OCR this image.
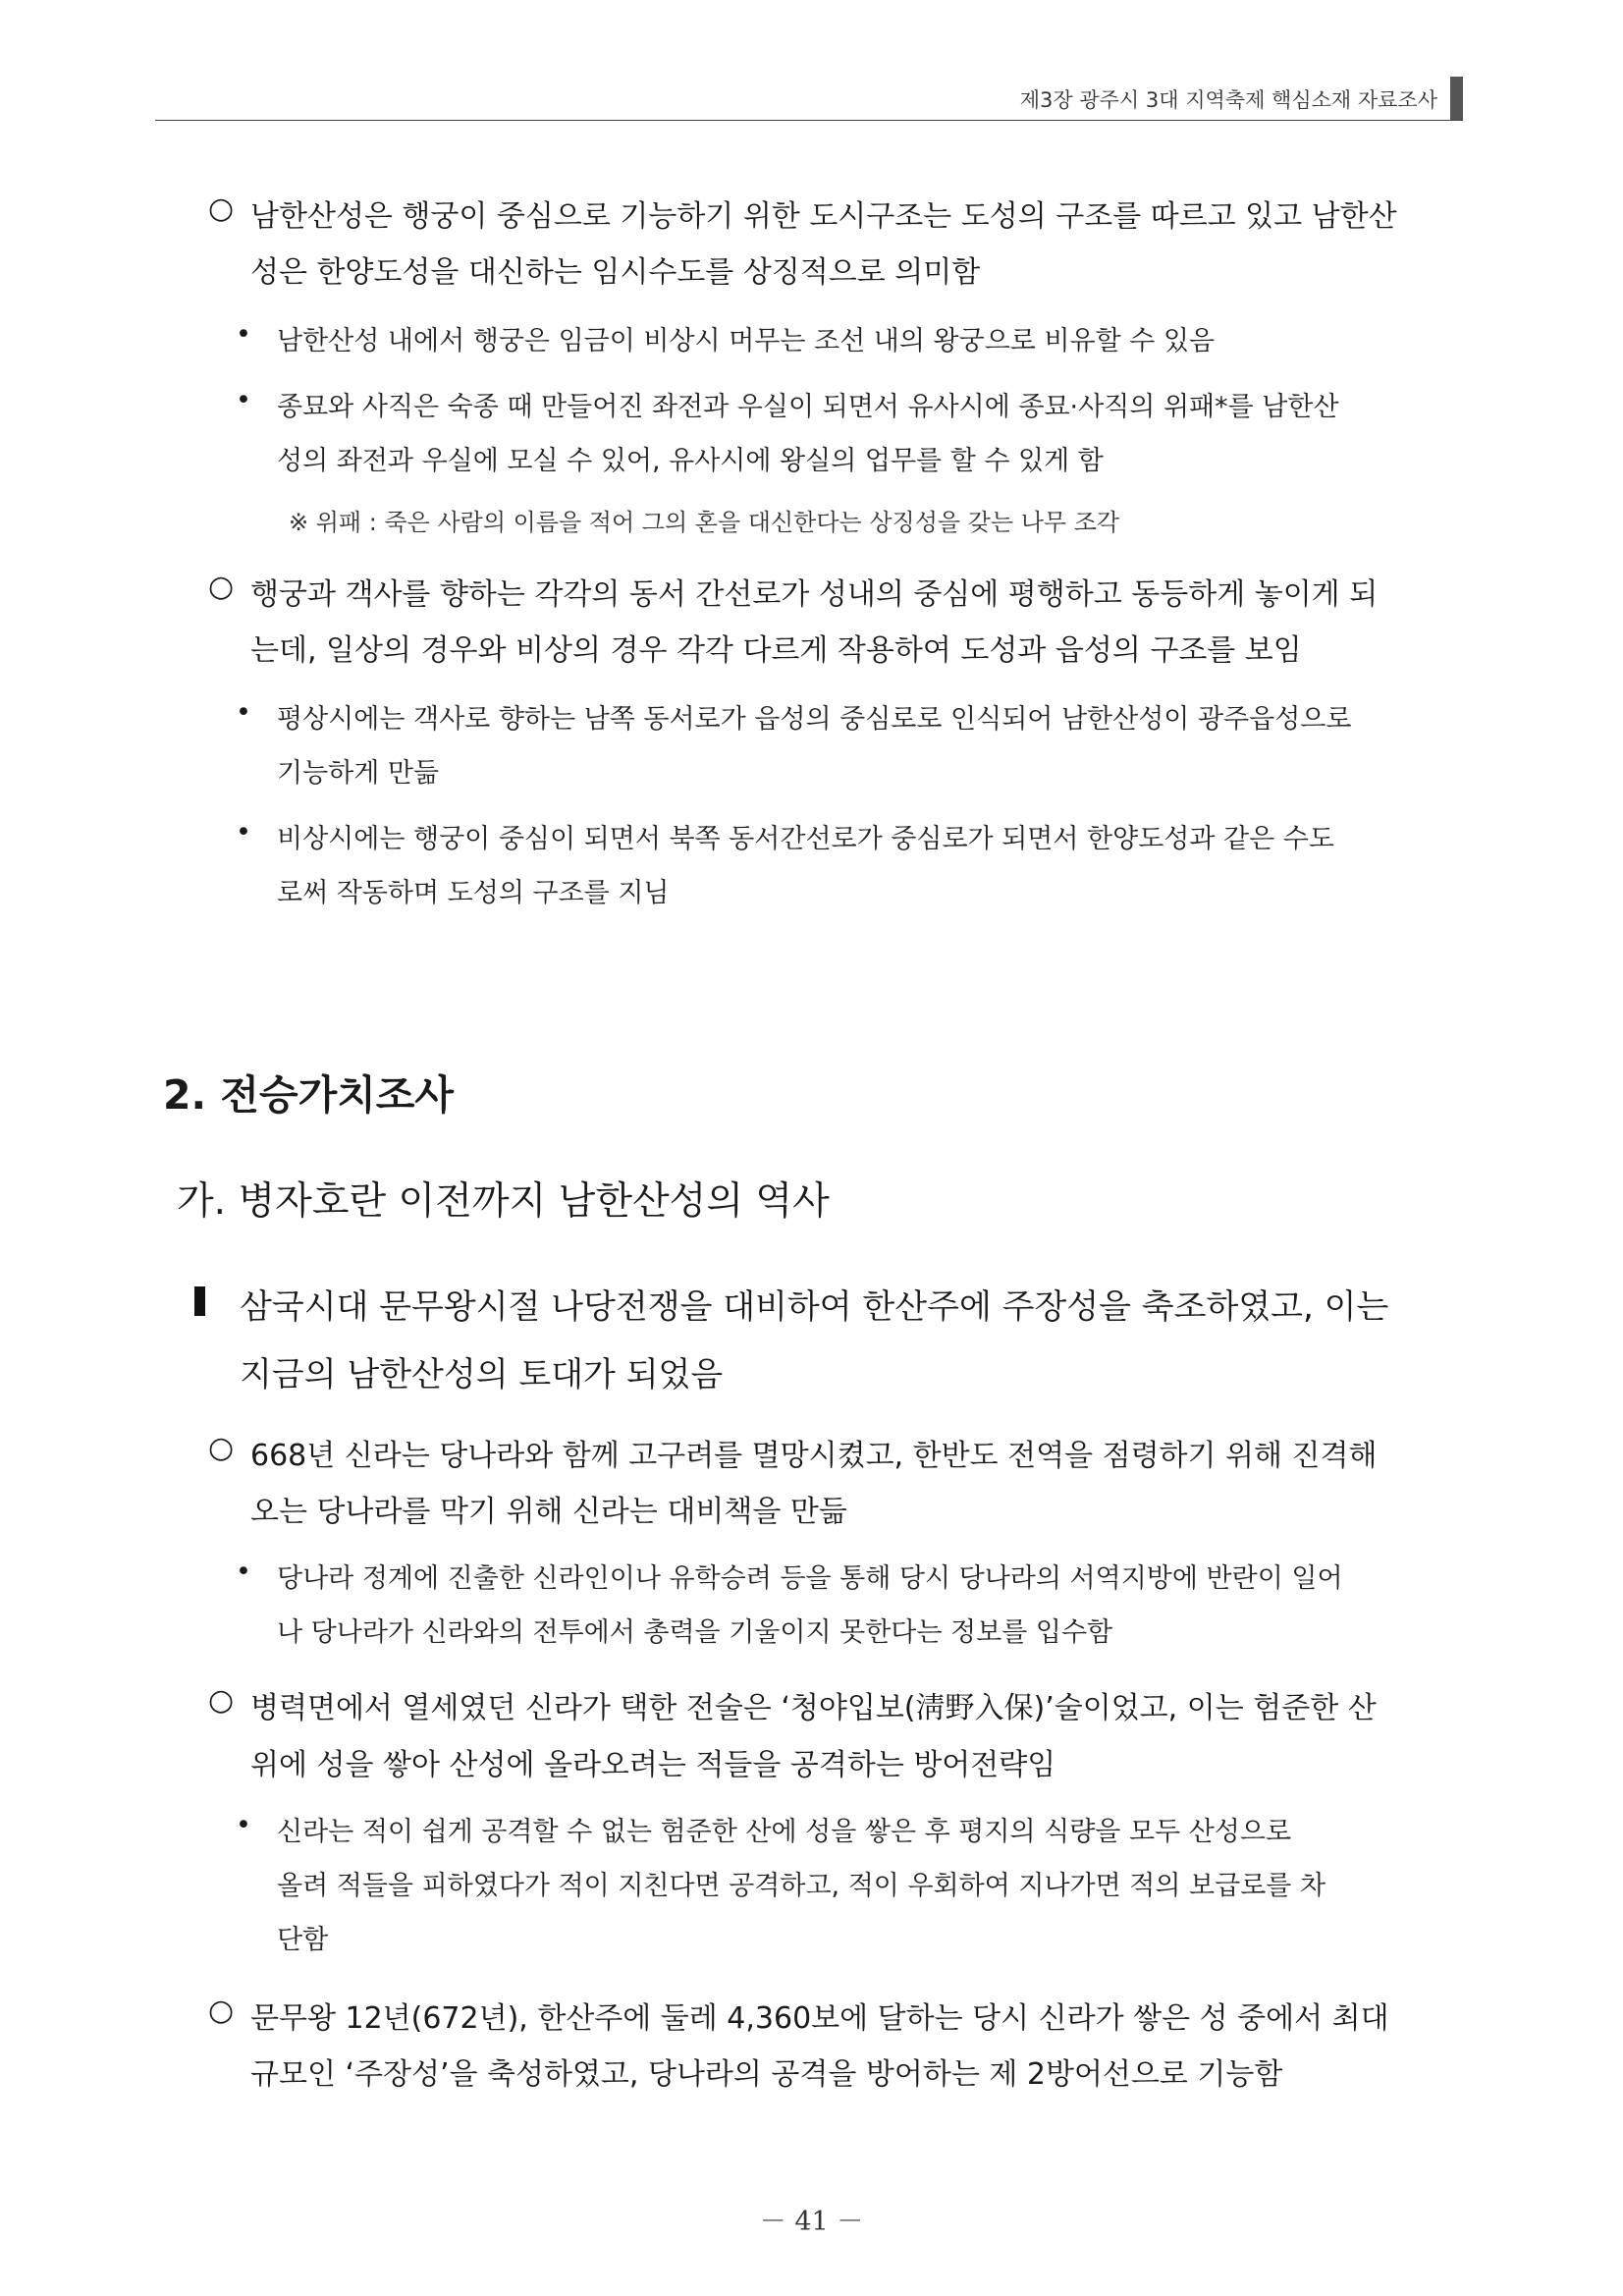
제3장 광주시 3대 지역축제 핵심소재 자료조사
○ 남한산성은 행궁이 중심으로 기능하기 위한 도시구조는 도성의 구조를 따르고 있고 남한산
성은 한양도성을 대신하는 임시수도를 상징적으로 의미함
• 남한산성 내에서 행궁은 임금이 비상시 머무는 조선 내의 왕궁으로 비유할 수 있음
• 종묘와 사직은 숙종 때 만들어진 좌전과 우실이 되면서 유사시에 종묘·사직의 위패*를 남한산
성의 좌전과 우실에 모실 수 있어, 유사시에 왕실의 업무를 할 수 있게 함
※ 위패 : 죽은 사람의 이름을 적어 그의 혼을 대신한다는 상징성을 갖는 나무 조각
○ 행궁과 객사를 향하는 각각의 동서 간선로가 성내의 중심에 평행하고 동등하게 놓이게 되
는데, 일상의 경우와 비상의 경우 각각 다르게 작용하여 도성과 읍성의 구조를 보임
• 평상시에는 객사로 향하는 남쪽 동서로가 읍성의 중심로로 인식되어 남한산성이 광주읍성으로
기능하게 만듦
• 비상시에는 행궁이 중심이 되면서 북쪽 동서간선로가 중심로가 되면서 한양도성과 같은 수도
로써 작동하며 도성의 구조를 지님
2. 전승가치조사
가. 병자호란 이전까지 남한산성의 역사
삼국시대 문무왕시절 나당전쟁을 대비하여 한산주에 주장성을 축조하였고, 이는
지금의 남한산성의 토대가 되었음
○ 668년 신라는 당나라와 함께 고구려를 멸망시켰고, 한반도 전역을 점령하기 위해 진격해
오는 당나라를 막기 위해 신라는 대비책을 만듦
• 당나라 정계에 진출한 신라인이나 유학승려 등을 통해 당시 당나라의 서역지방에 반란이 일어
나 당나라가 신라와의 전투에서 총력을 기울이지 못한다는 정보를 입수함
○ 병력면에서 열세였던 신라가 택한 전술은 ‘청야입보(淸野入保)’술이었고, 이는 험준한 산
위에 성을 쌓아 산성에 올라오려는 적들을 공격하는 방어전략임
• 신라는 적이 쉽게 공격할 수 없는 험준한 산에 성을 쌓은 후 평지의 식량을 모두 산성으로
올려 적들을 피하였다가 적이 지친다면 공격하고, 적이 우회하여 지나가면 적의 보급로를 차
단함
○ 문무왕 12년(672년), 한산주에 둘레 4,360보에 달하는 당시 신라가 쌓은 성 중에서 최대
규모인 ‘주장성’을 축성하였고, 당나라의 공격을 방어하는 제 2방어선으로 기능함
－ 41 －
